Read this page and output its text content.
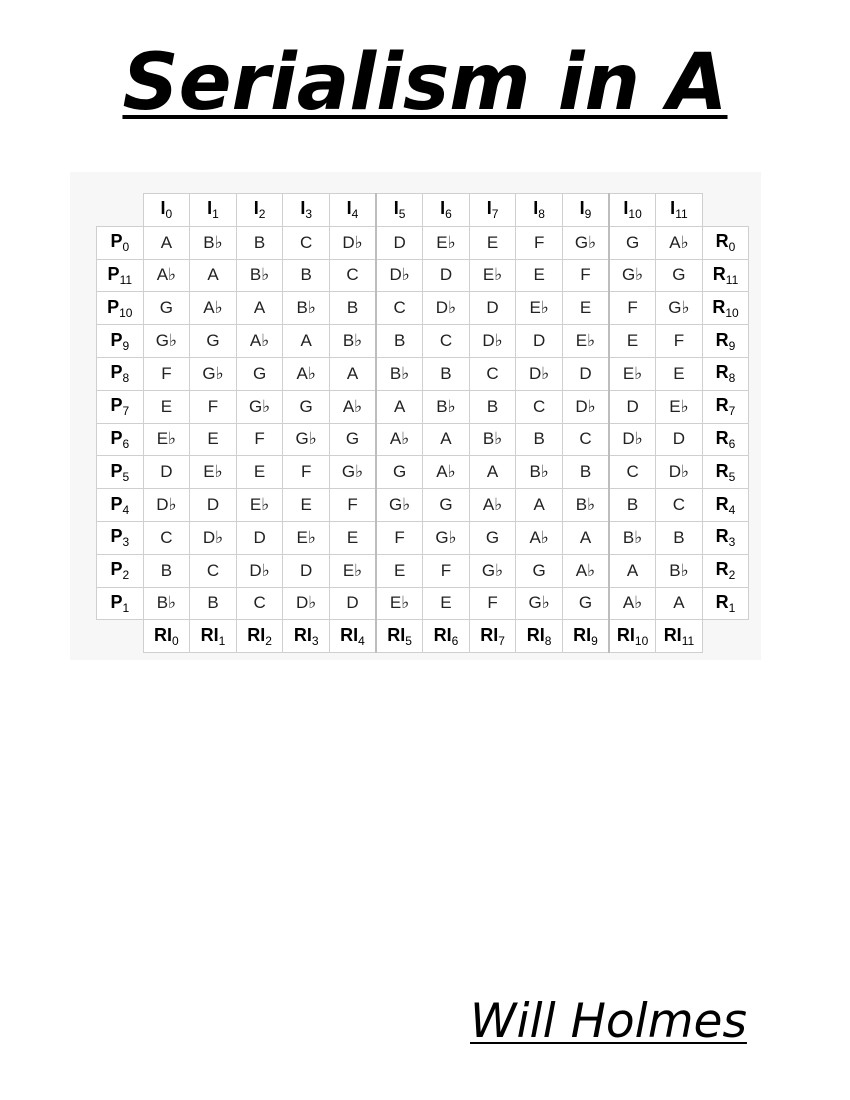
Serialism in A
	$I_0$	$I_1$	$I_2$	$I_3$	$I_4$	$I_5$	$I_6$	$I_7$	$I_8$	$I_9$	$I_{10}$	$I_{11}$	
$P_0$	A	B♭	B	C	D♭	D	E♭	E	F	G♭	G	A♭	$R_0$
$P_{11}$	A♭	A	B♭	B	C	D♭	D	E♭	E	F	G♭	G	$R_{11}$
$P_{10}$	G	A♭	A	B♭	B	C	D♭	D	E♭	E	F	G♭	$R_{10}$
$P_9$	G♭	G	A♭	A	B♭	B	C	D♭	D	E♭	E	F	$R_9$
$P_8$	F	G♭	G	A♭	A	B♭	B	C	D♭	D	E♭	E	$R_8$
$P_7$	E	F	G♭	G	A♭	A	B♭	B	C	D♭	D	E♭	$R_7$
$P_6$	E♭	E	F	G♭	G	A♭	A	B♭	B	C	D♭	D	$R_6$
$P_5$	D	E♭	E	F	G♭	G	A♭	A	B♭	B	C	D♭	$R_5$
$P_4$	D♭	D	E♭	E	F	G♭	G	A♭	A	B♭	B	C	$R_4$
$P_3$	C	D♭	D	E♭	E	F	G♭	G	A♭	A	B♭	B	$R_3$
$P_2$	B	C	D♭	D	E♭	E	F	G♭	G	A♭	A	B♭	$R_2$
$P_1$	B♭	B	C	D♭	D	E♭	E	F	G♭	G	A♭	A	$R_1$
	$RI_0$	$RI_1$	$RI_2$	$RI_3$	$RI_4$	$RI_5$	$RI_6$	$RI_7$	$RI_8$	$RI_9$	$RI_{10}$	$RI_{11}$	
Will Holmes
